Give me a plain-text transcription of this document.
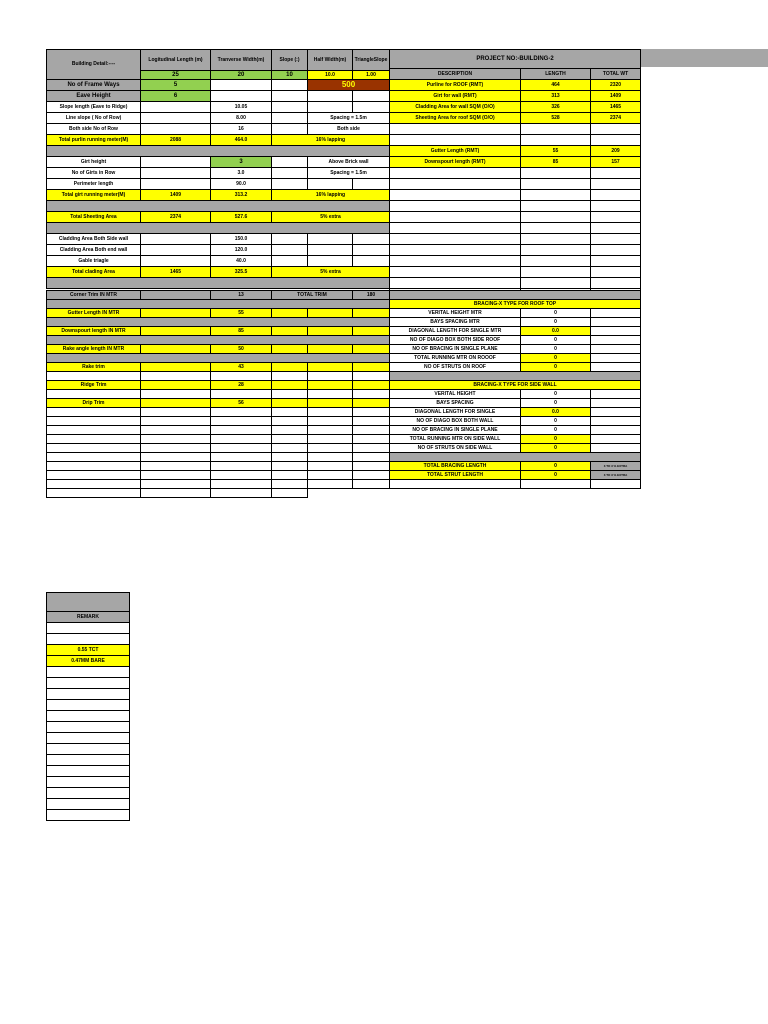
Building Detail:----	Logitudinal Length (m)	Tranverse Width(m)	Slope (:)	Half Width(m)	TriangleSlope
	25	20	10	10.0	1.00
No of Frame Ways	5			500	
Eave Height	6				
Slope length (Eave to Ridge)		10.05			
Line slope ( No of Row)		8.00		Spacing = 1.5m	
Both side No of Row		16		Both side	
Total purlin running meter(M)	2088	464.0	16% lapping		

Girt height		3		Above Brick wall	
No of Girts in Row		3.0		Spacing = 1.5m	
Perimeter length		90.0			
Total girt running meter(M)	1409	313.2	16% lapping		

Total Sheeting Area	2374	527.6	5% extra		

Cladding Area Both Side wall		150.0			
Cladding Area Both end wall		120.0			
Gable triagle		40.0			
Total clading Area	1465	325.5	5% extra		

PROJECT NO:-BUILDING-2		
DESCRIPTION	LENGTH	TOTAL WT
Purline for ROOF (RMT)	464	2320
Girt for wall (RMT)	313	1409
Cladding Area for wall SQM (O/O)	326	1465
Sheeting Area for roof SQM (O/O)	528	2374

Gutter Length (RMT)	55	209
Downspourt length (RMT)	85	157

Corner Trim IN MTR		13	TOTAL TRIM		180			
						BRACING-X TYPE FOR ROOF TOP		
Gutter Length IN MTR		55				VERITAL HEIGHT MTR	0	
						BAYS SPACING MTR	0	
Downspourt length IN MTR		85				DIAGONAL LENGTH FOR SINGLE MTR	0.0	
						NO OF DIAGO BOX BOTH SIDE ROOF	0	
Rake angle length IN MTR		50				NO OF BRACING IN SINGLE PLANE	0	
						TOTAL RUNNING MTR ON ROOOF	0	
Rake trim		43				NO OF STRUTS ON ROOF	0	

Ridge Trim		28				BRACING-X TYPE FOR SIDE WALL		
						VERITAL HEIGHT	0	
Drip Trim		56				BAYS SPACING	0	
						DIAGONAL LENGTH FOR SINGLE	0.0	
						NO OF DIAGO BOX BOTH WALL	0	
						NO OF BRACING IN SINGLE PLANE	0	
						TOTAL RUNNING MTR ON SIDE WALL	0	
						NO OF STRUTS ON SIDE WALL	0	

						TOTAL BRACING LENGTH	0	3 TO 3 % EXTRA
						TOTAL STRUT LENGTH	0	3 TO 3 % EXTRA

REMARK

0.55 TCT
0.47MM BARE
